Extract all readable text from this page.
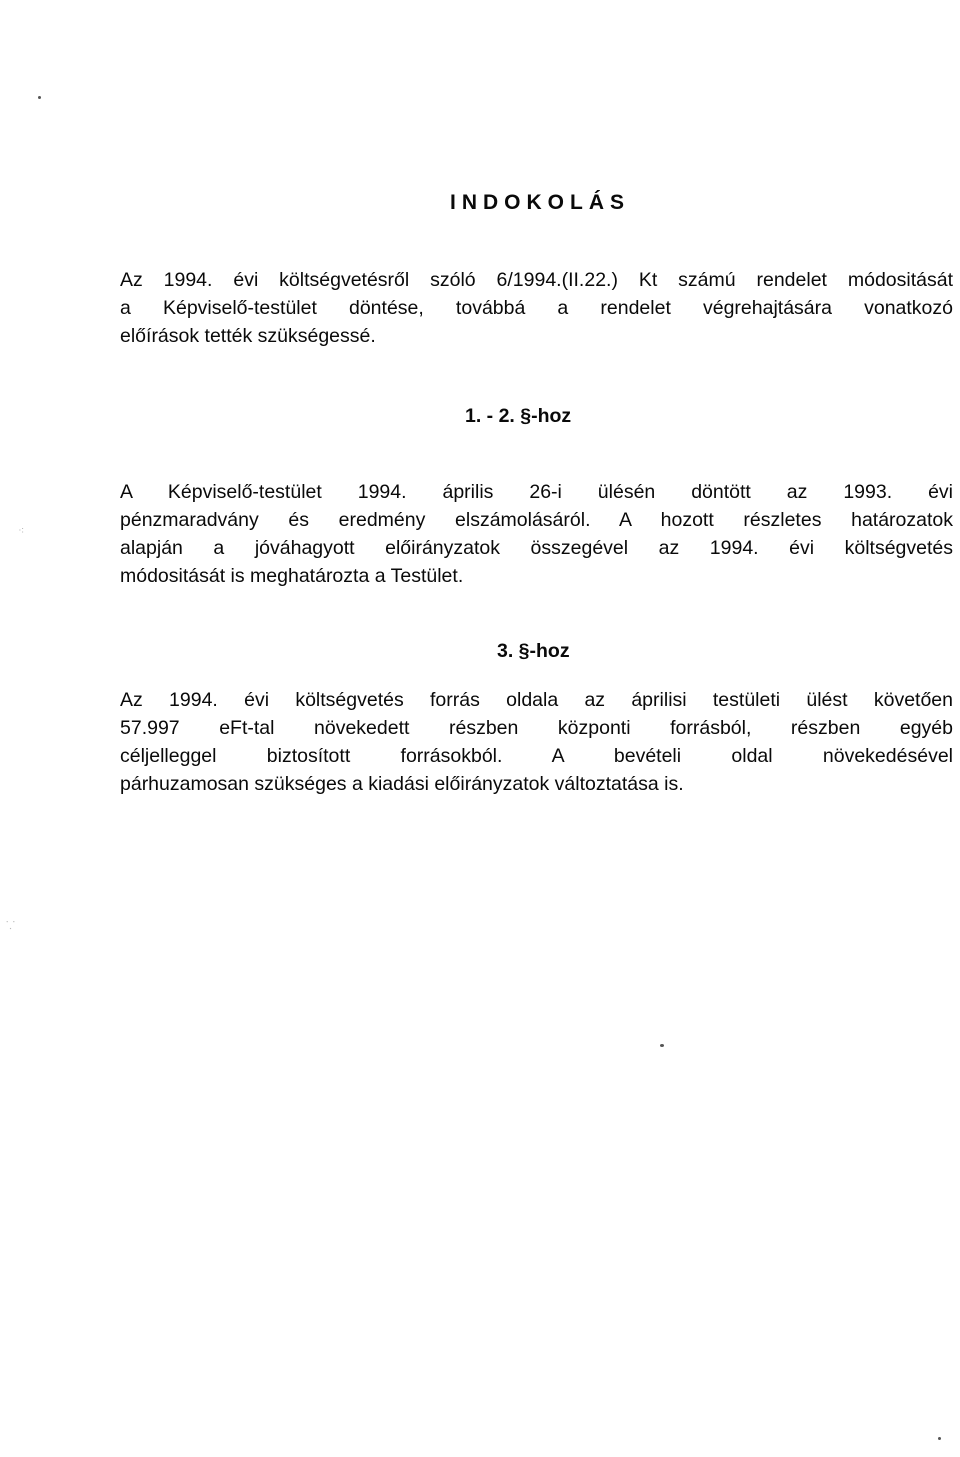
INDOKOLÁS
Az 1994. évi költségvetésről szóló 6/1994.(II.22.) Kt számú rendelet módositását
a Képviselő-testület döntése, továbbá a rendelet végrehajtására vonatkozó
előírások tették szükségessé.
1. - 2. §-hoz
A Képviselő-testület 1994. április 26-i ülésén döntött az 1993. évi
pénzmaradvány és eredmény elszámolásáról. A hozott részletes határozatok
alapján a jóváhagyott előirányzatok összegével az 1994. évi költségvetés
módositását is meghatározta a Testület.
3. §-hoz
Az 1994. évi költségvetés forrás oldala az áprilisi testületi ülést követően
57.997 eFt-tal növekedett részben központi forrásból, részben egyéb
céljelleggel biztosított forrásokból. A bevételi oldal növekedésével
párhuzamosan szükséges a kiadási előirányzatok változtatása is.
⁖
⸪
